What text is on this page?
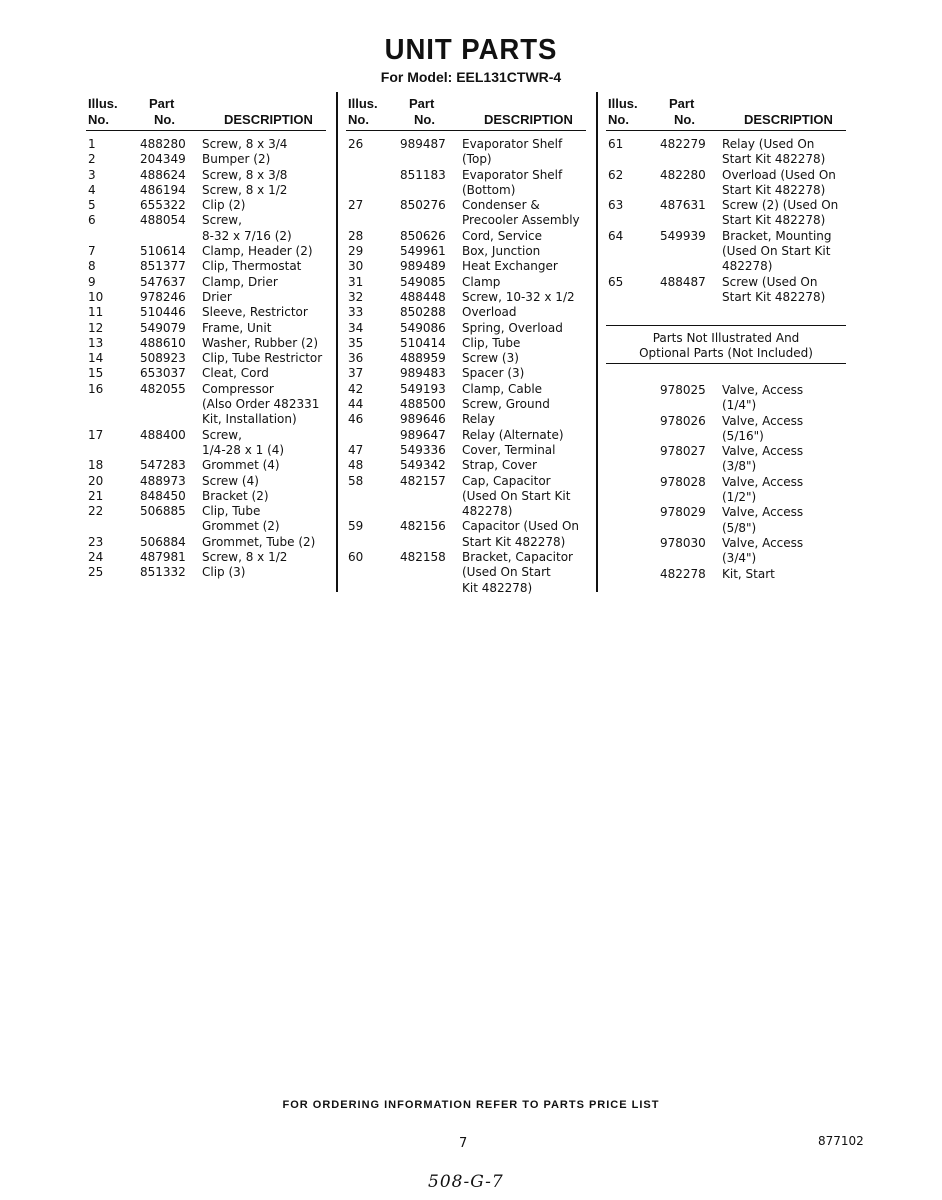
UNIT PARTS
For Model: EEL131CTWR-4
Illus.
No.
Part
No.	DESCRIPTION
1	488280 Screw, 8 x 3/4
2	204349 Bumper (2)
3	488624 Screw, 8 x 3/8
4	486194 Screw, 8 x 1/2
5	655322 Clip (2)
6	488054 Screw,
8-32 x 7/16 (2)
7	510614 Clamp, Header (2)
8	851377 Clip, Thermostat
9	547637 Clamp, Drier
10	978246 Drier
11	510446 Sleeve, Restrictor
12	549079 Frame, Unit
13	488610 Washer, Rubber (2)
14	508923 Clip, Tube Restrictor
15	653037 Cleat, Cord
16	482055 Compressor
(Also Order 482331
Kit, Installation)
17	488400 Screw,
1/4-28 x 1 (4)
18	547283 Grommet (4)
20	488973 Screw (4)
21	848450 Bracket (2)
22	506885 Clip, Tube
Grommet (2)
23	506884 Grommet, Tube (2)
24	487981 Screw, 8 x 1/2
25	851332 Clip (3)
Illus.
No.
Part
No.	DESCRIPTION
26	989487 Evaporator Shelf
(Top)
851183 Evaporator Shelf
(Bottom)
27	850276 Condenser &
Precooler Assembly
28	850626 Cord, Service
29	549961 Box, Junction
30	989489 Heat Exchanger
31	549085 Clamp
32	488448 Screw, 10-32 x 1/2
33	850288 Overload
34	549086 Spring, Overload
35	510414 Clip, Tube
36	488959 Screw (3)
37	989483 Spacer (3)
42	549193 Clamp, Cable
44	488500 Screw, Ground
46	989646 Relay
989647 Relay (Alternate)
47	549336 Cover, Terminal
48	549342 Strap, Cover
58	482157 Cap, Capacitor
(Used On Start Kit
482278)
59	482156 Capacitor (Used On
Start Kit 482278)
60	482158 Bracket, Capacitor
(Used On Start
Kit 482278)
Illus.
No.
Part
No.	DESCRIPTION
61	482279 Relay (Used On
Start Kit 482278)
62	482280 Overload (Used On
Start Kit 482278)
63	487631 Screw (2) (Used On
Start Kit 482278)
64	549939 Bracket, Mounting
(Used On Start Kit
482278)
65	488487 Screw (Used On
Start Kit 482278)
Parts Not Illustrated And
Optional Parts (Not Included)
978025 Valve, Access
(1/4")
978026 Valve, Access
(5/16")
978027 Valve, Access
(3/8")
978028 Valve, Access
(1/2")
978029 Valve, Access
(5/8")
978030 Valve, Access
(3/4")
482278 Kit, Start
FOR ORDERING INFORMATION REFER TO PARTS PRICE LIST
7	877102
508-G-7
